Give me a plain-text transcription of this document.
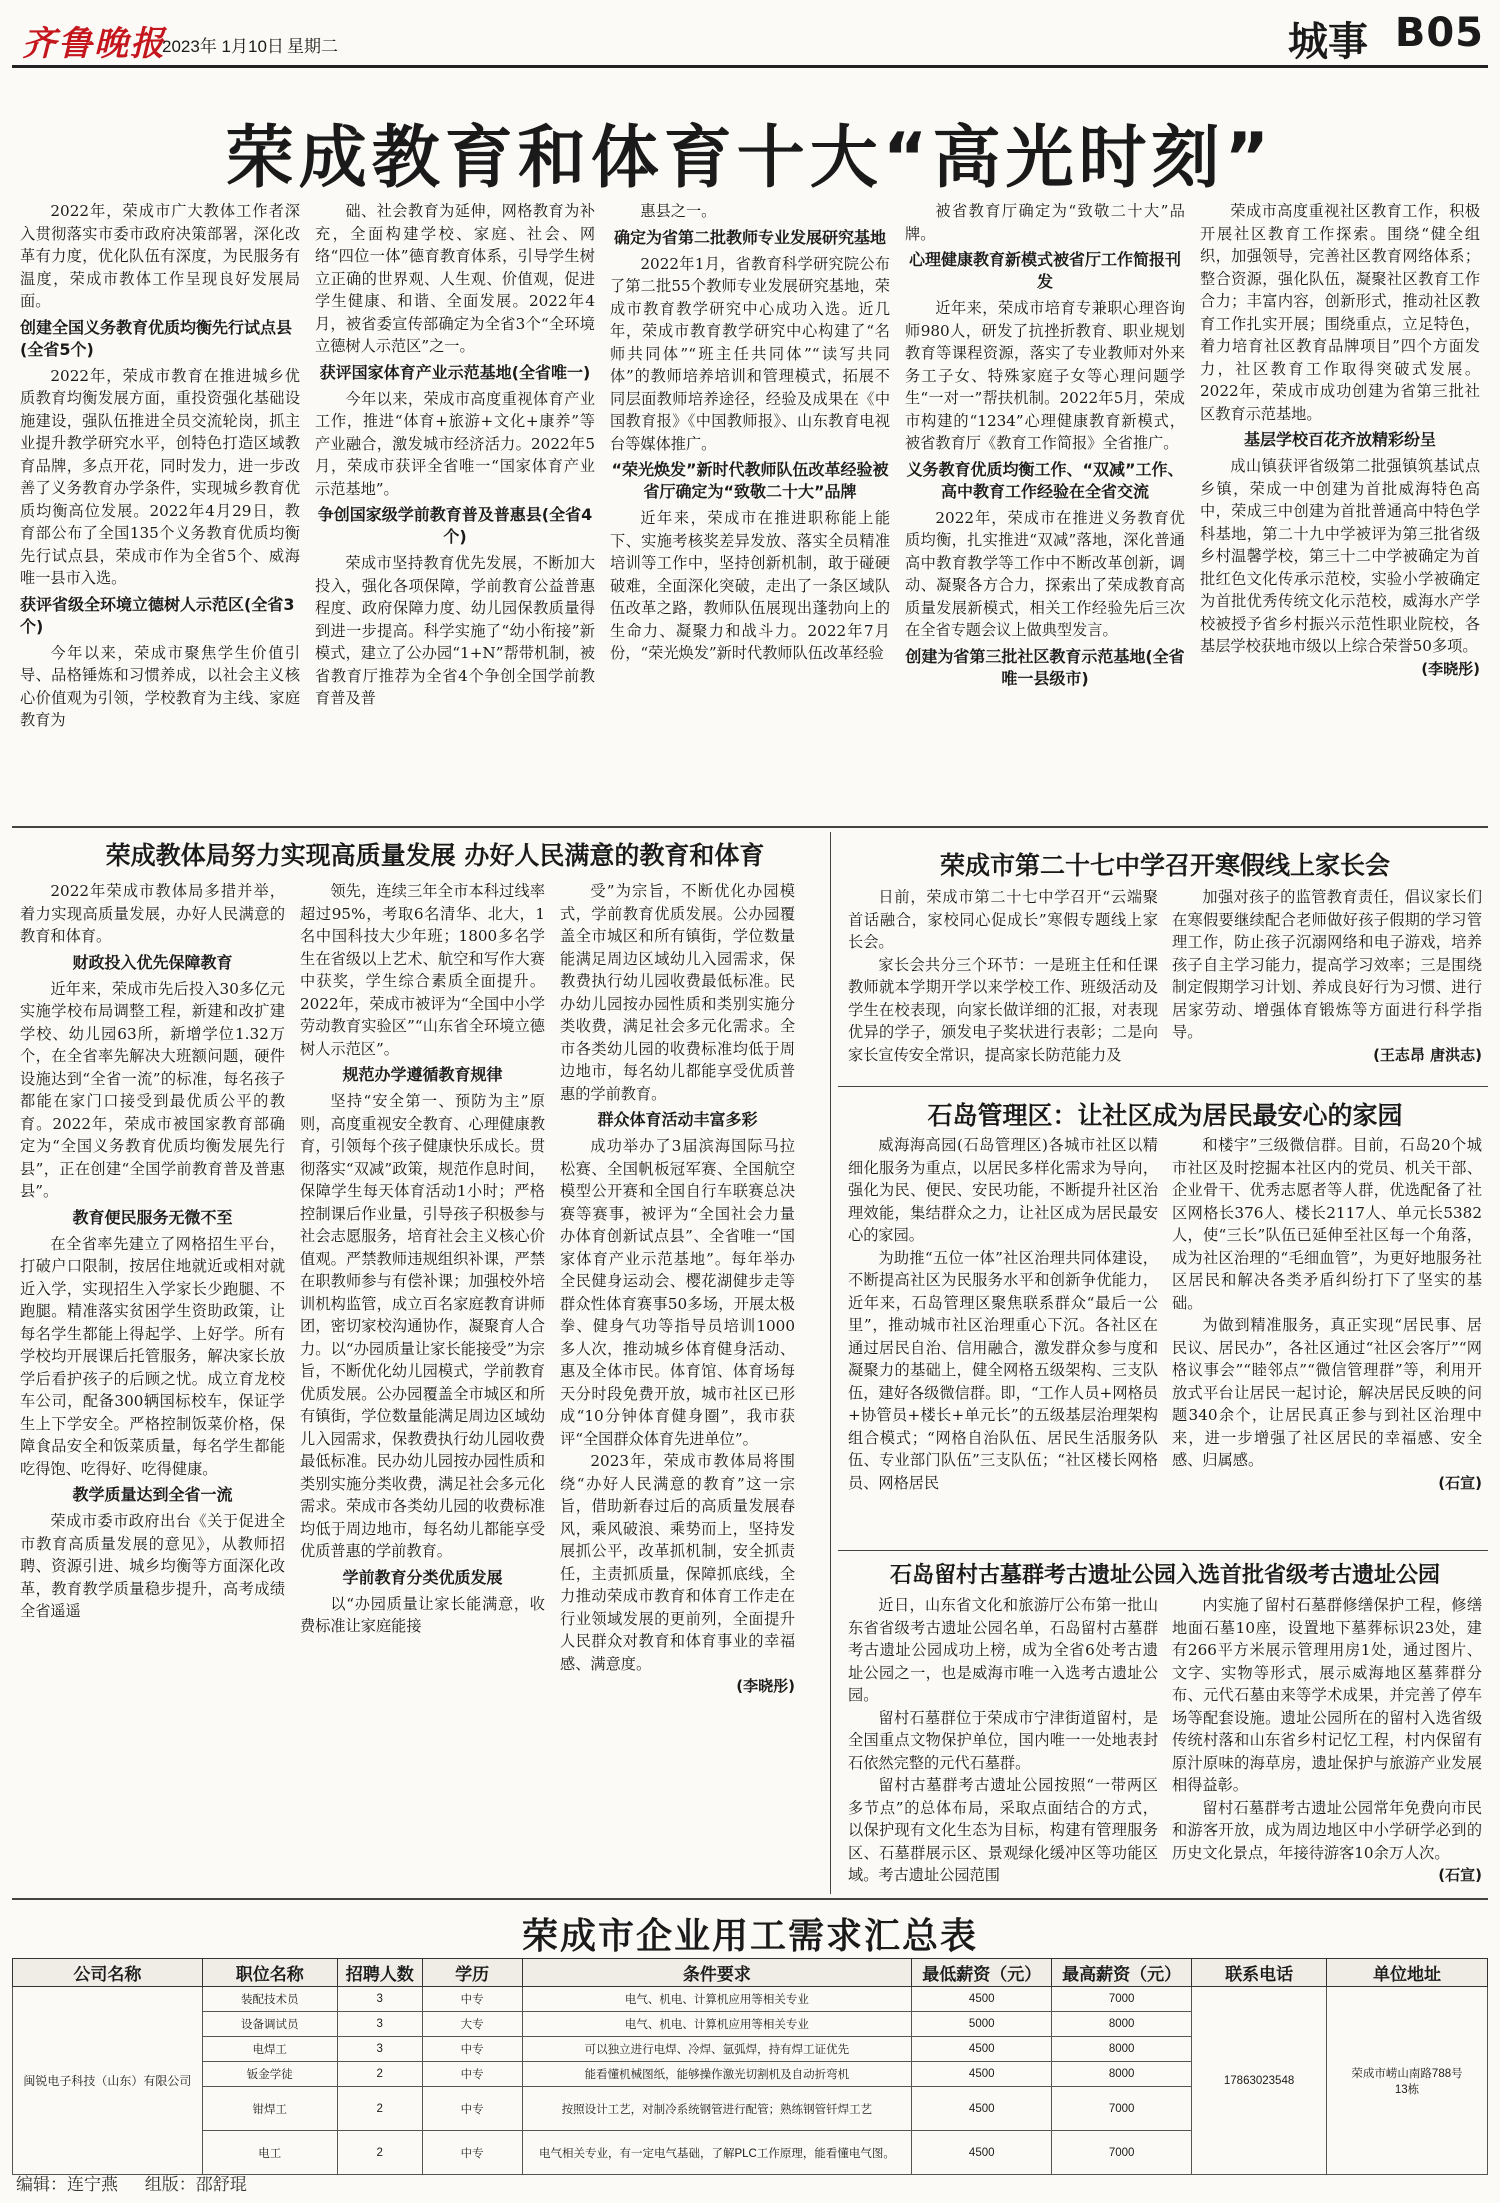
齐鲁晚报
2023年 1月10日 星期二	城事 B05
荣成教育和体育十大“高光时刻”

2022年，荣成市广大教体工作者深入贯彻落实市委市政府决策部署，深化改革有力度，优化队伍有深度，为民服务有温度，荣成市教体工作呈现良好发展局面。

创建全国义务教育优质均衡先行试点县(全省5个)

2022年，荣成市教育在推进城乡优质教育均衡发展方面，重投资强化基础设施建设，强队伍推进全员交流轮岗，抓主业提升教学研究水平，创特色打造区域教育品牌，多点开花，同时发力，进一步改善了义务教育办学条件，实现城乡教育优质均衡高位发展。2022年4月29日，教育部公布了全国135个义务教育优质均衡先行试点县，荣成市作为全省5个、威海唯一县市入选。

获评省级全环境立德树人示范区(全省3个)

今年以来，荣成市聚焦学生价值引导、品格锤炼和习惯养成，以社会主义核心价值观为引领，学校教育为主线、家庭教育为

础、社会教育为延伸，网格教育为补充，全面构建学校、家庭、社会、网络“四位一体”德育教育体系，引导学生树立正确的世界观、人生观、价值观，促进学生健康、和谐、全面发展。2022年4月，被省委宣传部确定为全省3个“全环境立德树人示范区”之一。

获评国家体育产业示范基地(全省唯一)

今年以来，荣成市高度重视体育产业工作，推进“体育+旅游+文化+康养”等产业融合，激发城市经济活力。2022年5月，荣成市获评全省唯一“国家体育产业示范基地”。

争创国家级学前教育普及普惠县(全省4个)

荣成市坚持教育优先发展，不断加大投入，强化各项保障，学前教育公益普惠程度、政府保障力度、幼儿园保教质量得到进一步提高。科学实施了“幼小衔接”新模式，建立了公办园“1+N”帮带机制，被省教育厅推荐为全省4个争创全国学前教育普及普

惠县之一。

确定为省第二批教师专业发展研究基地

2022年1月，省教育科学研究院公布了第二批55个教师专业发展研究基地，荣成市教育教学研究中心成功入选。近几年，荣成市教育教学研究中心构建了“名师共同体”“班主任共同体”“读写共同体”的教师培养培训和管理模式，拓展不同层面教师培养途径，经验及成果在《中国教育报》《中国教师报》、山东教育电视台等媒体推广。

“荣光焕发”新时代教师队伍改革经验被省厅确定为“致敬二十大”品牌

近年来，荣成市在推进职称能上能下、实施考核奖差异发放、落实全员精准培训等工作中，坚持创新机制，敢于碰硬破难，全面深化突破，走出了一条区域队伍改革之路，教师队伍展现出蓬勃向上的生命力、凝聚力和战斗力。2022年7月份，“荣光焕发”新时代教师队伍改革经验

被省教育厅确定为“致敬二十大”品牌。

心理健康教育新模式被省厅工作简报刊发

近年来，荣成市培育专兼职心理咨询师980人，研发了抗挫折教育、职业规划教育等课程资源，落实了专业教师对外来务工子女、特殊家庭子女等心理问题学生“一对一”帮扶机制。2022年5月，荣成市构建的“1234”心理健康教育新模式，被省教育厅《教育工作简报》全省推广。

义务教育优质均衡工作、“双减”工作、高中教育工作经验在全省交流

2022年，荣成市在推进义务教育优质均衡，扎实推进“双减”落地，深化普通高中教育教学等工作中不断改革创新，调动、凝聚各方合力，探索出了荣成教育高质量发展新模式，相关工作经验先后三次在全省专题会议上做典型发言。

创建为省第三批社区教育示范基地(全省唯一县级市)

荣成市高度重视社区教育工作，积极开展社区教育工作探索。围绕“健全组织，加强领导，完善社区教育网络体系；整合资源，强化队伍，凝聚社区教育工作合力；丰富内容，创新形式，推动社区教育工作扎实开展；围绕重点，立足特色，着力培育社区教育品牌项目”四个方面发力，社区教育工作取得突破式发展。2022年，荣成市成功创建为省第三批社区教育示范基地。

基层学校百花齐放精彩纷呈

成山镇获评省级第二批强镇筑基试点乡镇，荣成一中创建为首批威海特色高中，荣成三中创建为首批普通高中特色学科基地，第二十九中学被评为第三批省级乡村温馨学校，第三十二中学被确定为首批红色文化传承示范校，实验小学被确定为首批优秀传统文化示范校，威海水产学校被授予省乡村振兴示范性职业院校，各基层学校获地市级以上综合荣誉50多项。

(李晓彤)
荣成教体局努力实现高质量发展 办好人民满意的教育和体育

2022年荣成市教体局多措并举，着力实现高质量发展，办好人民满意的教育和体育。

财政投入优先保障教育

近年来，荣成市先后投入30多亿元实施学校布局调整工程，新建和改扩建学校、幼儿园63所，新增学位1.32万个，在全省率先解决大班额问题，硬件设施达到“全省一流”的标准，每名孩子都能在家门口接受到最优质公平的教育。2022年，荣成市被国家教育部确定为“全国义务教育优质均衡发展先行县”，正在创建“全国学前教育普及普惠县”。

教育便民服务无微不至

在全省率先建立了网格招生平台，打破户口限制，按居住地就近或相对就近入学，实现招生入学家长少跑腿、不跑腿。精准落实贫困学生资助政策，让每名学生都能上得起学、上好学。所有学校均开展课后托管服务，解决家长放学后看护孩子的后顾之忧。成立育龙校车公司，配备300辆国标校车，保证学生上下学安全。严格控制饭菜价格，保障食品安全和饭菜质量，每名学生都能吃得饱、吃得好、吃得健康。

教学质量达到全省一流

荣成市委市政府出台《关于促进全市教育高质量发展的意见》，从教师招聘、资源引进、城乡均衡等方面深化改革，教育教学质量稳步提升，高考成绩全省遥遥

领先，连续三年全市本科过线率超过95%，考取6名清华、北大，1名中国科技大少年班；1800多名学生在省级以上艺术、航空和写作大赛中获奖，学生综合素质全面提升。2022年，荣成市被评为“全国中小学劳动教育实验区”“山东省全环境立德树人示范区”。

规范办学遵循教育规律

坚持“安全第一、预防为主”原则，高度重视安全教育、心理健康教育，引领每个孩子健康快乐成长。贯彻落实“双减”政策，规范作息时间，保障学生每天体育活动1小时；严格控制课后作业量，引导孩子积极参与社会志愿服务，培育社会主义核心价值观。严禁教师违规组织补课，严禁在职教师参与有偿补课；加强校外培训机构监管，成立百名家庭教育讲师团，密切家校沟通协作，凝聚育人合力。以“办园质量让家长能接受”为宗旨，不断优化幼儿园模式，学前教育优质发展。公办园覆盖全市城区和所有镇街，学位数量能满足周边区域幼儿入园需求，保教费执行幼儿园收费最低标准。民办幼儿园按办园性质和类别实施分类收费，满足社会多元化需求。荣成市各类幼儿园的收费标准均低于周边地市，每名幼儿都能享受优质普惠的学前教育。

学前教育分类优质发展

以“办园质量让家长能满意，收费标准让家庭能接

受”为宗旨，不断优化办园模式，学前教育优质发展。公办园覆盖全市城区和所有镇街，学位数量能满足周边区域幼儿入园需求，保教费执行幼儿园收费最低标准。民办幼儿园按办园性质和类别实施分类收费，满足社会多元化需求。全市各类幼儿园的收费标准均低于周边地市，每名幼儿都能享受优质普惠的学前教育。

群众体育活动丰富多彩

成功举办了3届滨海国际马拉松赛、全国帆板冠军赛、全国航空模型公开赛和全国自行车联赛总决赛等赛事，被评为“全国社会力量办体育创新试点县”、全省唯一“国家体育产业示范基地”。每年举办全民健身运动会、樱花湖健步走等群众性体育赛事50多场，开展太极拳、健身气功等指导员培训1000多人次，推动城乡体育健身活动、惠及全体市民。体育馆、体育场每天分时段免费开放，城市社区已形成“10分钟体育健身圈”，我市获评“全国群众体育先进单位”。

2023年，荣成市教体局将围绕“办好人民满意的教育”这一宗旨，借助新春过后的高质量发展春风，乘风破浪、乘势而上，坚持发展抓公平，改革抓机制，安全抓责任，主责抓质量，保障抓底线，全力推动荣成市教育和体育工作走在行业领域发展的更前列，全面提升人民群众对教育和体育事业的幸福感、满意度。

(李晓彤)
荣成市第二十七中学召开寒假线上家长会

日前，荣成市第二十七中学召开“云端聚首话融合，家校同心促成长”寒假专题线上家长会。

家长会共分三个环节：一是班主任和任课教师就本学期开学以来学校工作、班级活动及学生在校表现，向家长做详细的汇报，对表现优异的学子，颁发电子奖状进行表彰；二是向家长宣传安全常识，提高家长防范能力及

加强对孩子的监管教育责任，倡议家长们在寒假要继续配合老师做好孩子假期的学习管理工作，防止孩子沉溺网络和电子游戏，培养孩子自主学习能力，提高学习效率；三是围绕制定假期学习计划、养成良好行为习惯、进行居家劳动、增强体育锻炼等方面进行科学指导。

(王志昂 唐洪志)
石岛管理区：让社区成为居民最安心的家园

威海海高园(石岛管理区)各城市社区以精细化服务为重点，以居民多样化需求为导向，强化为民、便民、安民功能，不断提升社区治理效能，集结群众之力，让社区成为居民最安心的家园。

为助推“五位一体”社区治理共同体建设，不断提高社区为民服务水平和创新争优能力，近年来，石岛管理区聚焦联系群众“最后一公里”，推动城市社区治理重心下沉。各社区在通过居民自治、信用融合，激发群众参与度和凝聚力的基础上，健全网格五级架构、三支队伍，建好各级微信群。即，“工作人员+网格员+协管员+楼长+单元长”的五级基层治理架构组合模式；“网格自治队伍、居民生活服务队伍、专业部门队伍”三支队伍；“社区楼长网格员、网格居民

和楼宇”三级微信群。目前，石岛20个城市社区及时挖掘本社区内的党员、机关干部、企业骨干、优秀志愿者等人群，优选配备了社区网格长376人、楼长2117人、单元长5382人，使“三长”队伍已延伸至社区每一个角落，成为社区治理的“毛细血管”，为更好地服务社区居民和解决各类矛盾纠纷打下了坚实的基础。

为做到精准服务，真正实现“居民事、居民议、居民办”，各社区通过“社区会客厅”“网格议事会”“睦邻点”“微信管理群”等，利用开放式平台让居民一起讨论，解决居民反映的问题340余个，让居民真正参与到社区治理中来，进一步增强了社区居民的幸福感、安全感、归属感。

(石宣)
石岛留村古墓群考古遗址公园入选首批省级考古遗址公园

近日，山东省文化和旅游厅公布第一批山东省省级考古遗址公园名单，石岛留村古墓群考古遗址公园成功上榜，成为全省6处考古遗址公园之一，也是威海市唯一入选考古遗址公园。

留村石墓群位于荣成市宁津街道留村，是全国重点文物保护单位，国内唯一一处地表封石依然完整的元代石墓群。

留村古墓群考古遗址公园按照“一带两区多节点”的总体布局，采取点面结合的方式，以保护现有文化生态为目标，构建有管理服务区、石墓群展示区、景观绿化缓冲区等功能区域。考古遗址公园范围

内实施了留村石墓群修缮保护工程，修缮地面石墓10座，设置地下墓葬标识23处，建有266平方米展示管理用房1处，通过图片、文字、实物等形式，展示威海地区墓葬群分布、元代石墓由来等学术成果，并完善了停车场等配套设施。遗址公园所在的留村入选省级传统村落和山东省乡村记忆工程，村内保留有原汁原味的海草房，遗址保护与旅游产业发展相得益彰。

留村石墓群考古遗址公园常年免费向市民和游客开放，成为周边地区中小学研学必到的历史文化景点，年接待游客10余万人次。

(石宣)
荣成市企业用工需求汇总表
公司名称	职位名称	招聘人数	学历	条件要求	最低薪资（元）	最高薪资（元）	联系电话	单位地址
闽锐电子科技（山东）有限公司	装配技术员	3	中专	电气、机电、计算机应用等相关专业	4500	7000	17863023548	荣成市崂山南路788号13栋
	设备调试员	3	大专	电气、机电、计算机应用等相关专业	5000	8000		
	电焊工	3	中专	可以独立进行电焊、冷焊、氩弧焊，持有焊工证优先	4500	8000		
	钣金学徒	2	中专	能看懂机械图纸，能够操作激光切割机及自动折弯机	4500	8000		
	钳焊工	2	中专	按照设计工艺，对制冷系统钢管进行配管；熟练钢管钎焊工艺	4500	7000		
	电工	2	中专	电气相关专业，有一定电气基础，了解PLC工作原理，能看懂电气图。	4500	7000		
编辑：连宁燕 组版：邵舒琨
